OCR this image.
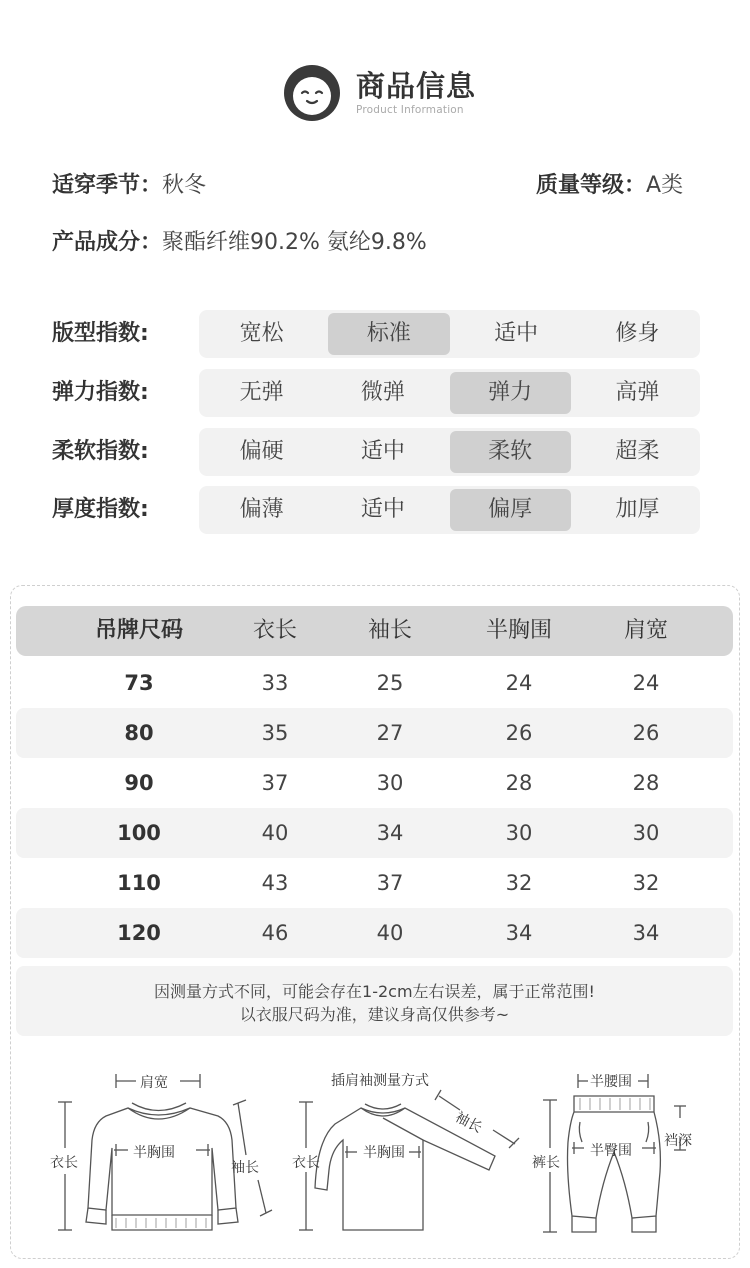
商品信息
Product Information
适穿季节：秋冬	质量等级：A类
产品成分：聚酯纤维90.2% 氨纶9.8%
版型指数:	宽松	标准	适中	修身
弹力指数:	无弹	微弹	弹力	高弹
柔软指数:	偏硬	适中	柔软	超柔
厚度指数:	偏薄	适中	偏厚	加厚
吊牌尺码	衣长	袖长	半胸围	肩宽
73	33	25	24	24
80	35	27	26	26
90	37	30	28	28
100	40	34	30	30
110	43	37	32	32
120	46	40	34	34
因测量方式不同，可能会存在1-2cm左右误差，属于正常范围!
以衣服尺码为准，建议身高仅供参考~
肩宽
衣长
半胸围
袖长
插肩袖测量方式
衣长
半胸围
袖长
半腰围
裤长
半臀围
裆深
